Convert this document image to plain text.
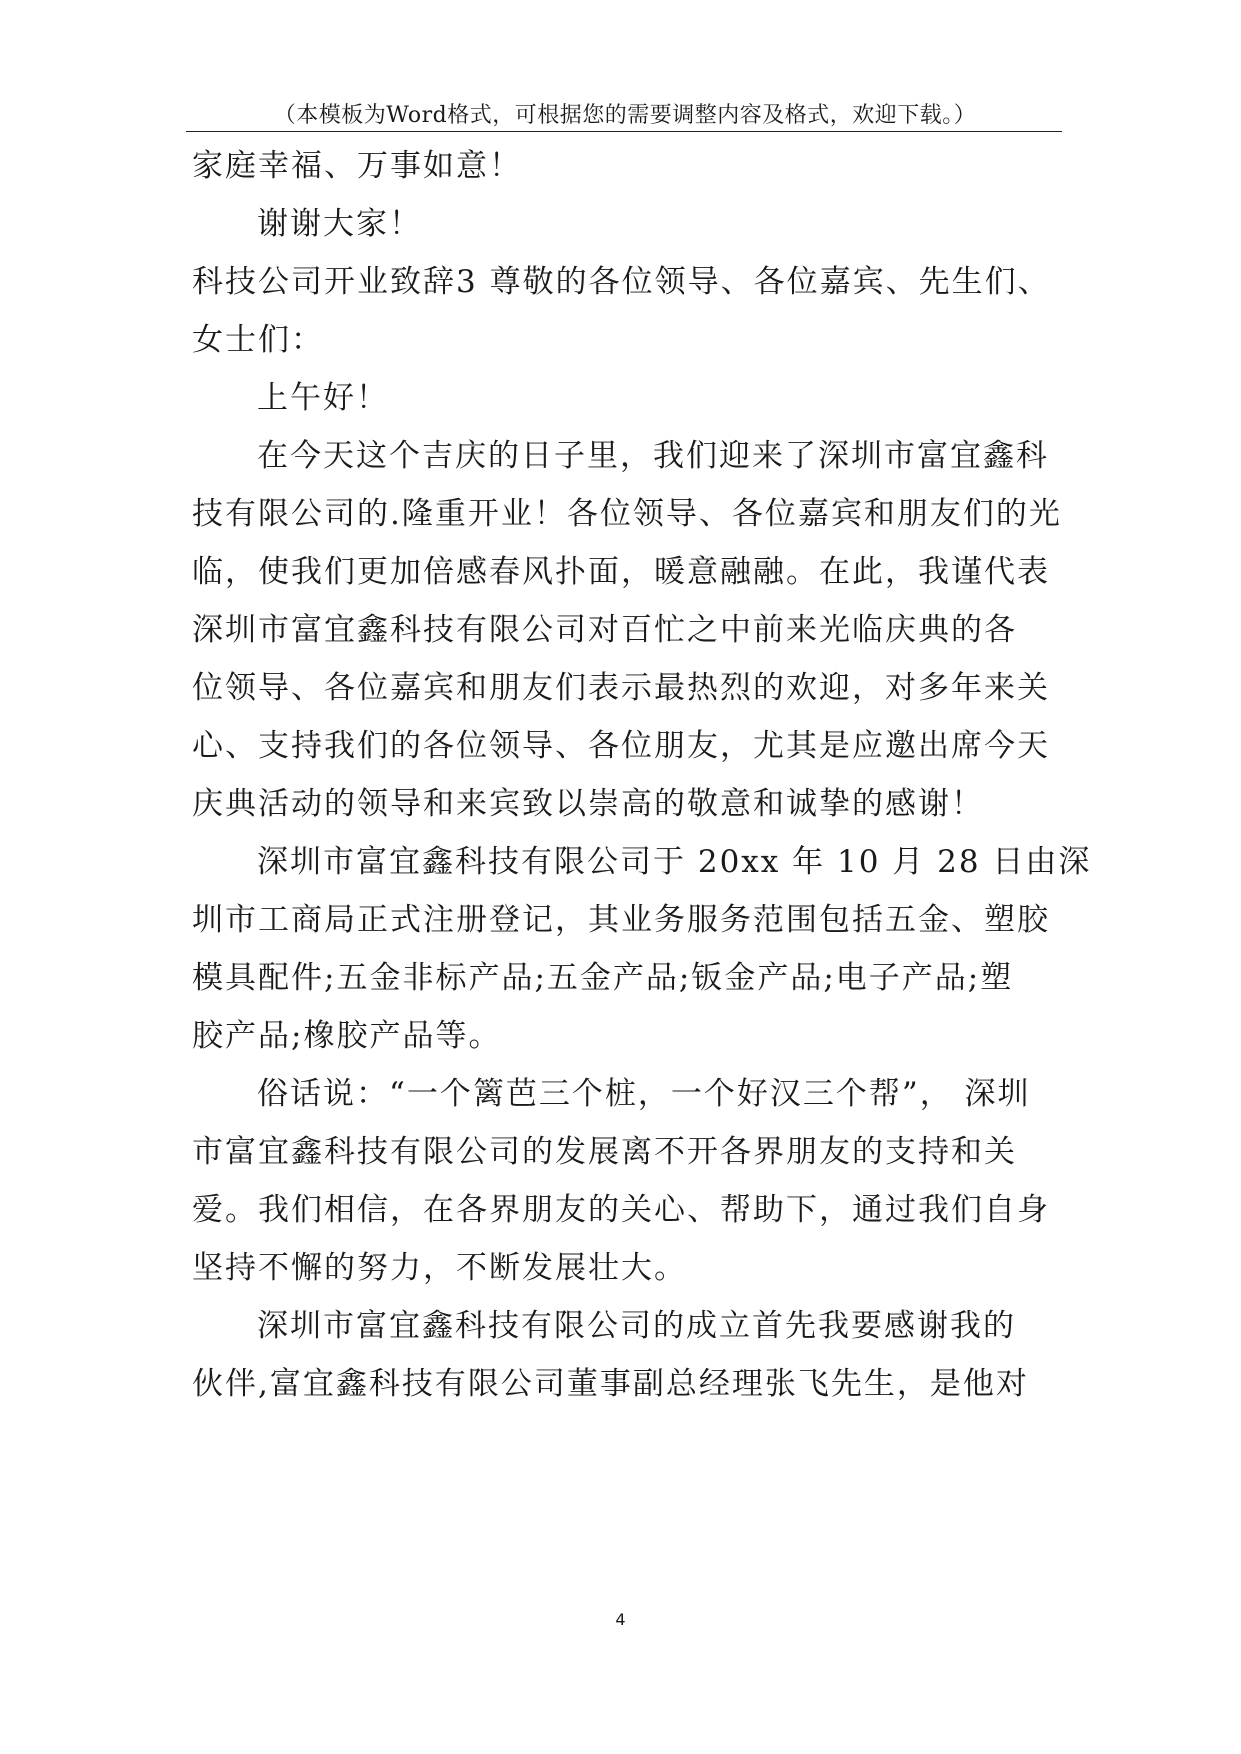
（本模板为Word格式，可根据您的需要调整内容及格式，欢迎下载。）
家庭幸福、万事如意！
谢谢大家！
科技公司开业致辞3 尊敬的各位领导、各位嘉宾、先生们、
女士们：
上午好！
在今天这个吉庆的日子里，我们迎来了深圳市富宜鑫科
技有限公司的.隆重开业！各位领导、各位嘉宾和朋友们的光
临，使我们更加倍感春风扑面，暖意融融。在此，我谨代表
深圳市富宜鑫科技有限公司对百忙之中前来光临庆典的各
位领导、各位嘉宾和朋友们表示最热烈的欢迎，对多年来关
心、支持我们的各位领导、各位朋友，尤其是应邀出席今天
庆典活动的领导和来宾致以崇高的敬意和诚挚的感谢！
深圳市富宜鑫科技有限公司于 20xx 年 10 月 28 日由深
圳市工商局正式注册登记，其业务服务范围包括五金、塑胶
模具配件;五金非标产品;五金产品;钣金产品;电子产品;塑
胶产品;橡胶产品等。
俗话说：“一个篱芭三个桩，一个好汉三个帮”， 深圳
市富宜鑫科技有限公司的发展离不开各界朋友的支持和关
爱。我们相信，在各界朋友的关心、帮助下，通过我们自身
坚持不懈的努力，不断发展壮大。
深圳市富宜鑫科技有限公司的成立首先我要感谢我的
伙伴,富宜鑫科技有限公司董事副总经理张飞先生，是他对
4
